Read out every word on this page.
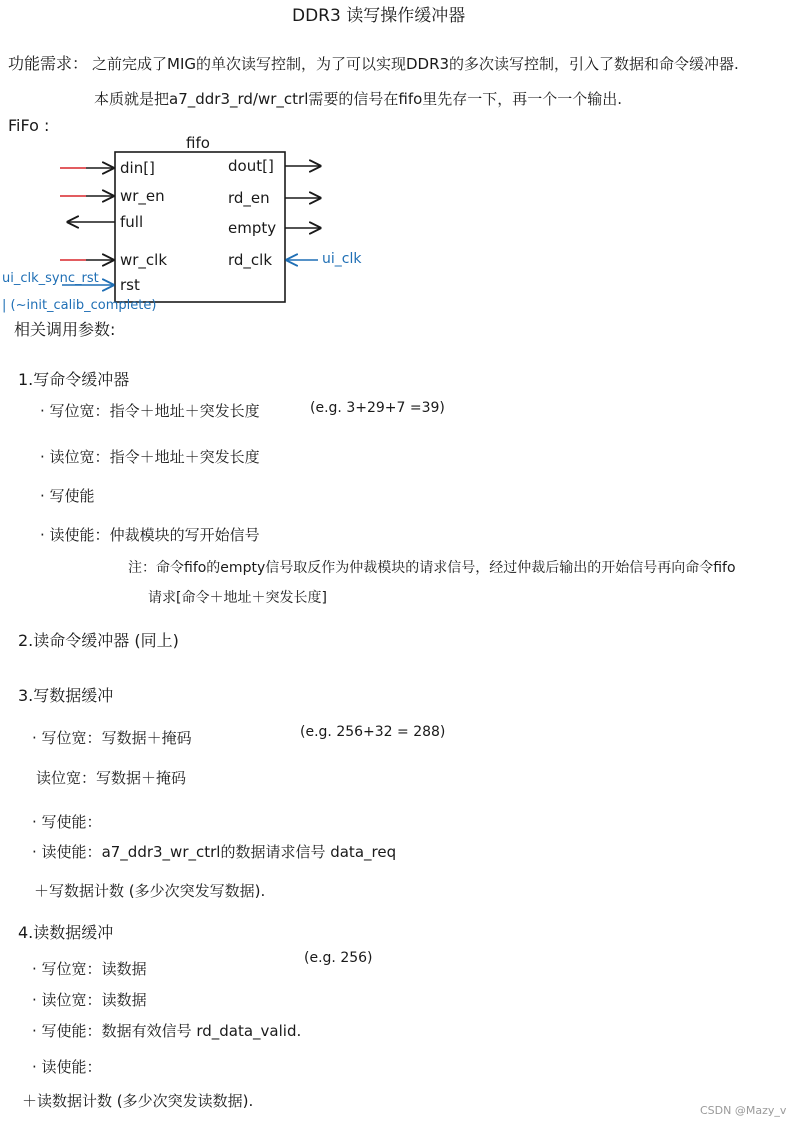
DDR3 读写操作缓冲器
功能需求： 之前完成了MIG的单次读写控制，为了可以实现DDR3的多次读写控制，引入了数据和命令缓冲器.
本质就是把a7_ddr3_rd/wr_ctrl需要的信号在fifo里先存一下，再一个一个输出.
FiFo :
fifo
din[]
wr_en
full
wr_clk
rst
dout[]
rd_en
empty
rd_clk	ui_clk
ui_clk_sync_rst
| (~init_calib_complete)
相关调用参数:
1.写命令缓冲器
· 写位宽：指令＋地址＋突发长度	(e.g. 3+29+7 =39)
· 读位宽：指令＋地址＋突发长度
· 写使能
· 读使能：仲裁模块的写开始信号
注：命令fifo的empty信号取反作为仲裁模块的请求信号，经过仲裁后输出的开始信号再向命令fifo
请求[命令＋地址＋突发长度]
2.读命令缓冲器 (同上)
3.写数据缓冲
· 写位宽：写数据＋掩码	(e.g. 256+32 = 288)
读位宽：写数据＋掩码
· 写使能：
· 读使能：a7_ddr3_wr_ctrl的数据请求信号 data_req
＋写数据计数 (多少次突发写数据).
4.读数据缓冲
· 写位宽：读数据
(e.g. 256)
· 读位宽：读数据
· 写使能：数据有效信号 rd_data_valid.
· 读使能：
＋读数据计数 (多少次突发读数据).
CSDN @Mazy_v
